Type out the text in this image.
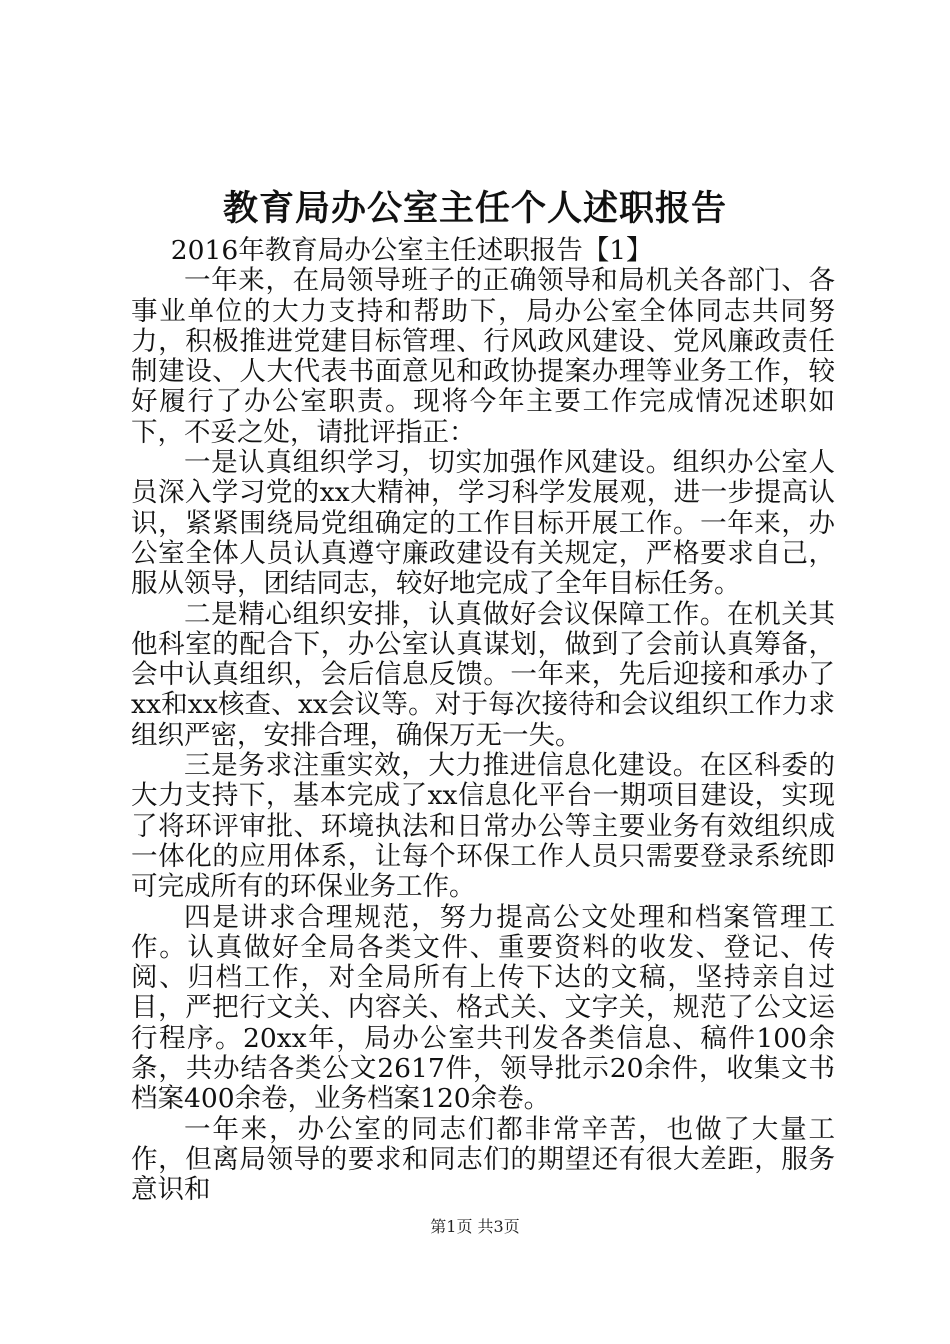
教育局办公室主任个人述职报告

2016年教育局办公室主任述职报告【1】

一年来，在局领导班子的正确领导和局机关各部门、各事业单位的大力支持和帮助下，局办公室全体同志共同努力，积极推进党建目标管理、行风政风建设、党风廉政责任制建设、人大代表书面意见和政协提案办理等业务工作，较好履行了办公室职责。现将今年主要工作完成情况述职如下，不妥之处，请批评指正：

一是认真组织学习，切实加强作风建设。组织办公室人员深入学习党的xx大精神，学习科学发展观，进一步提高认识，紧紧围绕局党组确定的工作目标开展工作。一年来，办公室全体人员认真遵守廉政建设有关规定，严格要求自己，服从领导，团结同志，较好地完成了全年目标任务。

二是精心组织安排，认真做好会议保障工作。在机关其他科室的配合下，办公室认真谋划，做到了会前认真筹备，会中认真组织，会后信息反馈。一年来，先后迎接和承办了xx和xx核查、xx会议等。对于每次接待和会议组织工作力求组织严密，安排合理，确保万无一失。

三是务求注重实效，大力推进信息化建设。在区科委的大力支持下，基本完成了xx信息化平台一期项目建设，实现了将环评审批、环境执法和日常办公等主要业务有效组织成一体化的应用体系，让每个环保工作人员只需要登录系统即可完成所有的环保业务工作。

四是讲求合理规范，努力提高公文处理和档案管理工作。认真做好全局各类文件、重要资料的收发、登记、传阅、归档工作，对全局所有上传下达的文稿，坚持亲自过目，严把行文关、内容关、格式关、文字关，规范了公文运行程序。20xx年，局办公室共刊发各类信息、稿件100余条，共办结各类公文2617件，领导批示20余件，收集文书档案400余卷，业务档案120余卷。

一年来，办公室的同志们都非常辛苦，也做了大量工作，但离局领导的要求和同志们的期望还有很大差距，服务意识和

第1页 共3页
